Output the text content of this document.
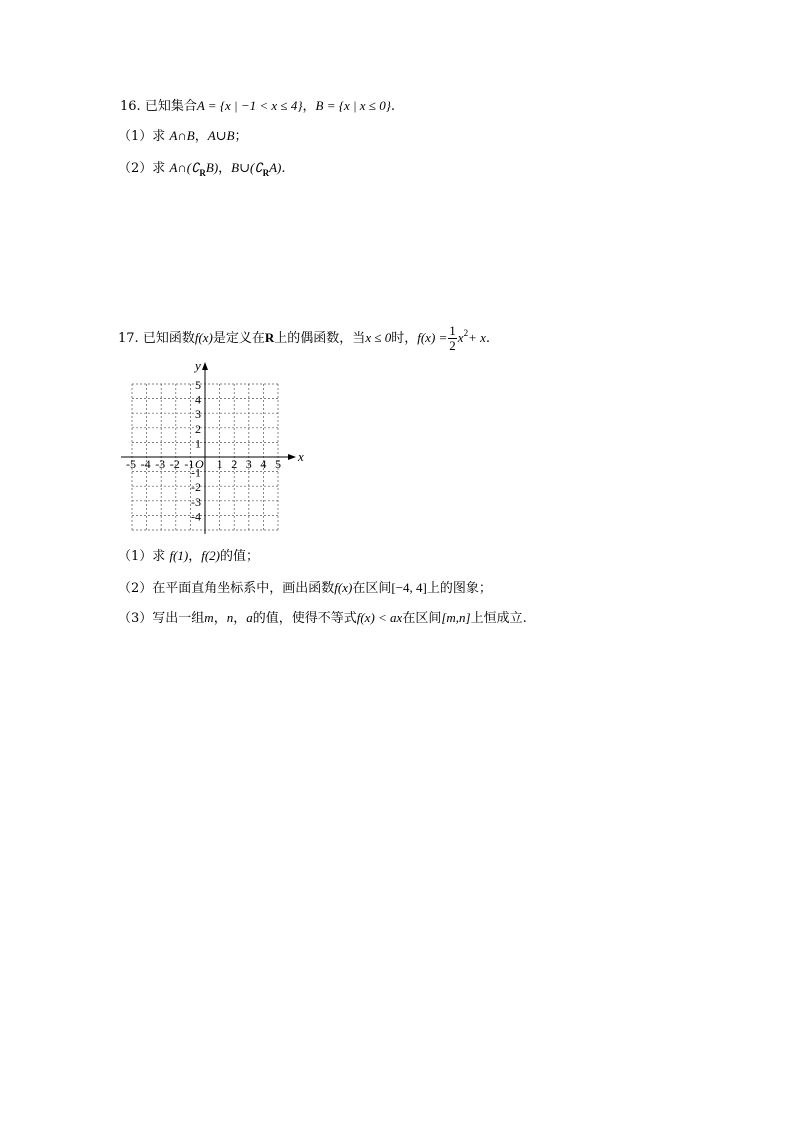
16. 已知集合A = {x | −1 < x ≤ 4}，B = {x | x ≤ 0}.
（1）求 A∩B，A∪B；
（2）求 $A\cap(∁_RB)$，$B\cup(∁_RA)$.
17. 已知函数f(x)是定义在R上的偶函数，当x ≤ 0时，$f(x) = \frac{1}{2} x^2+ x$.
y
x
O
-5 -4 -3 -2 -1 1 2 3 4 5
5
4
3
2
1
-1
-2
-3
-4
（1）求 f(1)，f(2)的值；
（2）在平面直角坐标系中，画出函数f(x)在区间[−4, 4]上的图象；
（3）写出一组m，n，a的值，使得不等式f(x) < ax在区间[m,n]上恒成立.
